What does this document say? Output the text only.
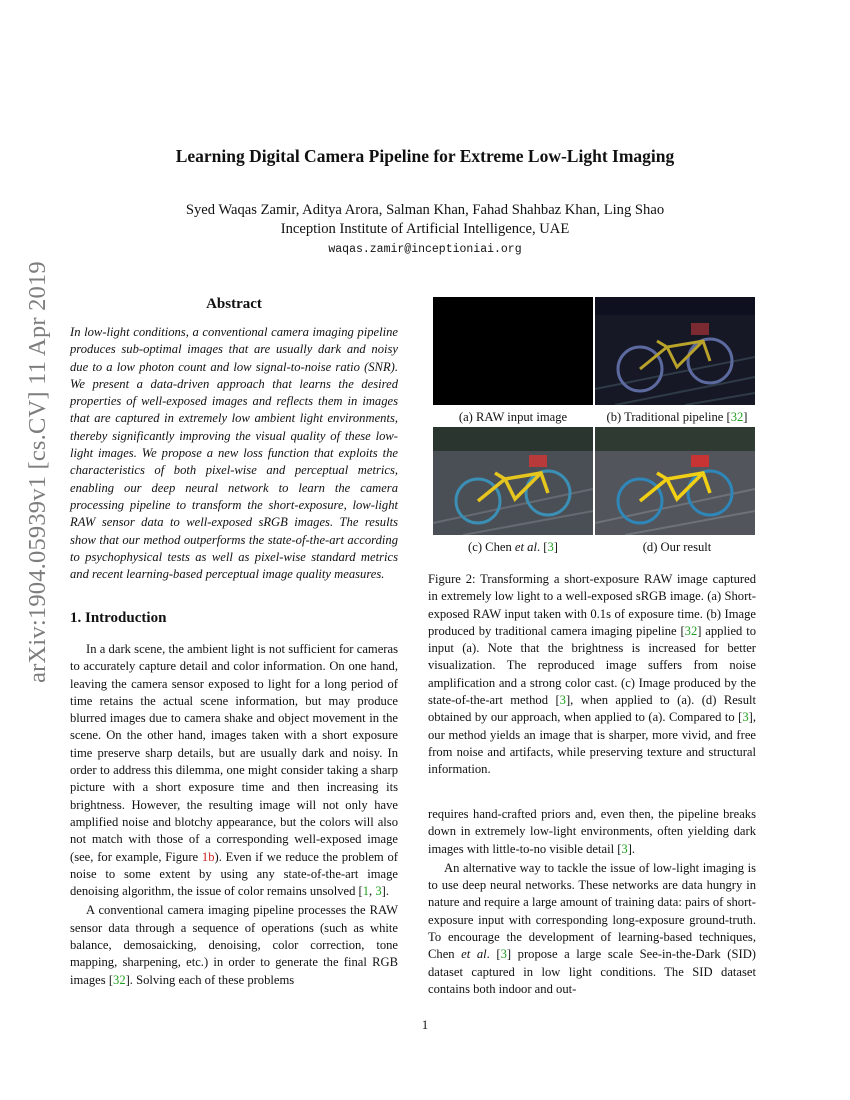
Learning Digital Camera Pipeline for Extreme Low-Light Imaging
Syed Waqas Zamir, Aditya Arora, Salman Khan, Fahad Shahbaz Khan, Ling Shao
Inception Institute of Artificial Intelligence, UAE
waqas.zamir@inceptioniai.org
arXiv:1904.05939v1 [cs.CV] 11 Apr 2019	Abstract
In low-light conditions, a conventional camera imaging pipeline produces sub-optimal images that are usually dark and noisy due to a low photon count and low signal-to-noise ratio (SNR). We present a data-driven approach that learns the desired properties of well-exposed images and reflects them in images that are captured in extremely low ambient light environments, thereby significantly improving the visual quality of these low-light images. We propose a new loss function that exploits the characteristics of both pixel-wise and perceptual metrics, enabling our deep neural network to learn the camera processing pipeline to transform the short-exposure, low-light RAW sensor data to well-exposed sRGB images. The results show that our method outperforms the state-of-the-art according to psychophysical tests as well as pixel-wise standard metrics and recent learning-based perceptual image quality measures.
1. Introduction

In a dark scene, the ambient light is not sufficient for cameras to accurately capture detail and color information. On one hand, leaving the camera sensor exposed to light for a long period of time retains the actual scene information, but may produce blurred images due to camera shake and object movement in the scene. On the other hand, images taken with a short exposure time preserve sharp details, but are usually dark and noisy. In order to address this dilemma, one might consider taking a sharp picture with a short exposure time and then increasing its brightness. However, the resulting image will not only have amplified noise and blotchy appearance, but the colors will also not match with those of a corresponding well-exposed image (see, for example, Figure 1b). Even if we reduce the problem of noise to some extent by using any state-of-the-art image denoising algorithm, the issue of color remains unsolved [1, 3].

A conventional camera imaging pipeline processes the RAW sensor data through a sequence of operations (such as white balance, demosaicking, denoising, color correction, tone mapping, sharpening, etc.) in order to generate the final RGB images [32]. Solving each of these problems

(a) RAW input image	(b) Traditional pipeline [32]
(c) Chen et al. [3]	(d) Our result
Figure 2: Transforming a short-exposure RAW image captured in extremely low light to a well-exposed sRGB image. (a) Short-exposed RAW input taken with 0.1s of exposure time. (b) Image produced by traditional camera imaging pipeline [32] applied to input (a). Note that the brightness is increased for better visualization. The reproduced image suffers from noise amplification and a strong color cast. (c) Image produced by the state-of-the-art method [3], when applied to (a). (d) Result obtained by our approach, when applied to (a). Compared to [3], our method yields an image that is sharper, more vivid, and free from noise and artifacts, while preserving texture and structural information.

requires hand-crafted priors and, even then, the pipeline breaks down in extremely low-light environments, often yielding dark images with little-to-no visible detail [3].

An alternative way to tackle the issue of low-light imaging is to use deep neural networks. These networks are data hungry in nature and require a large amount of training data: pairs of short-exposure input with corresponding long-exposure ground-truth. To encourage the development of learning-based techniques, Chen et al. [3] propose a large scale See-in-the-Dark (SID) dataset captured in low light conditions. The SID dataset contains both indoor and out-

1
